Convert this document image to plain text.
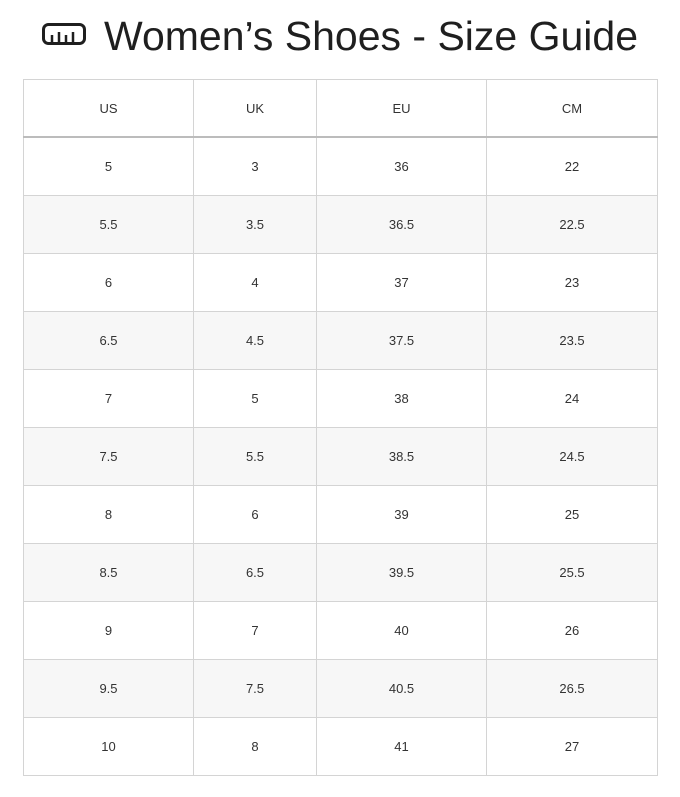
Women’s Shoes - Size Guide
US	UK	EU	CM
5	3	36	22
5.5	3.5	36.5	22.5
6	4	37	23
6.5	4.5	37.5	23.5
7	5	38	24
7.5	5.5	38.5	24.5
8	6	39	25
8.5	6.5	39.5	25.5
9	7	40	26
9.5	7.5	40.5	26.5
10	8	41	27
